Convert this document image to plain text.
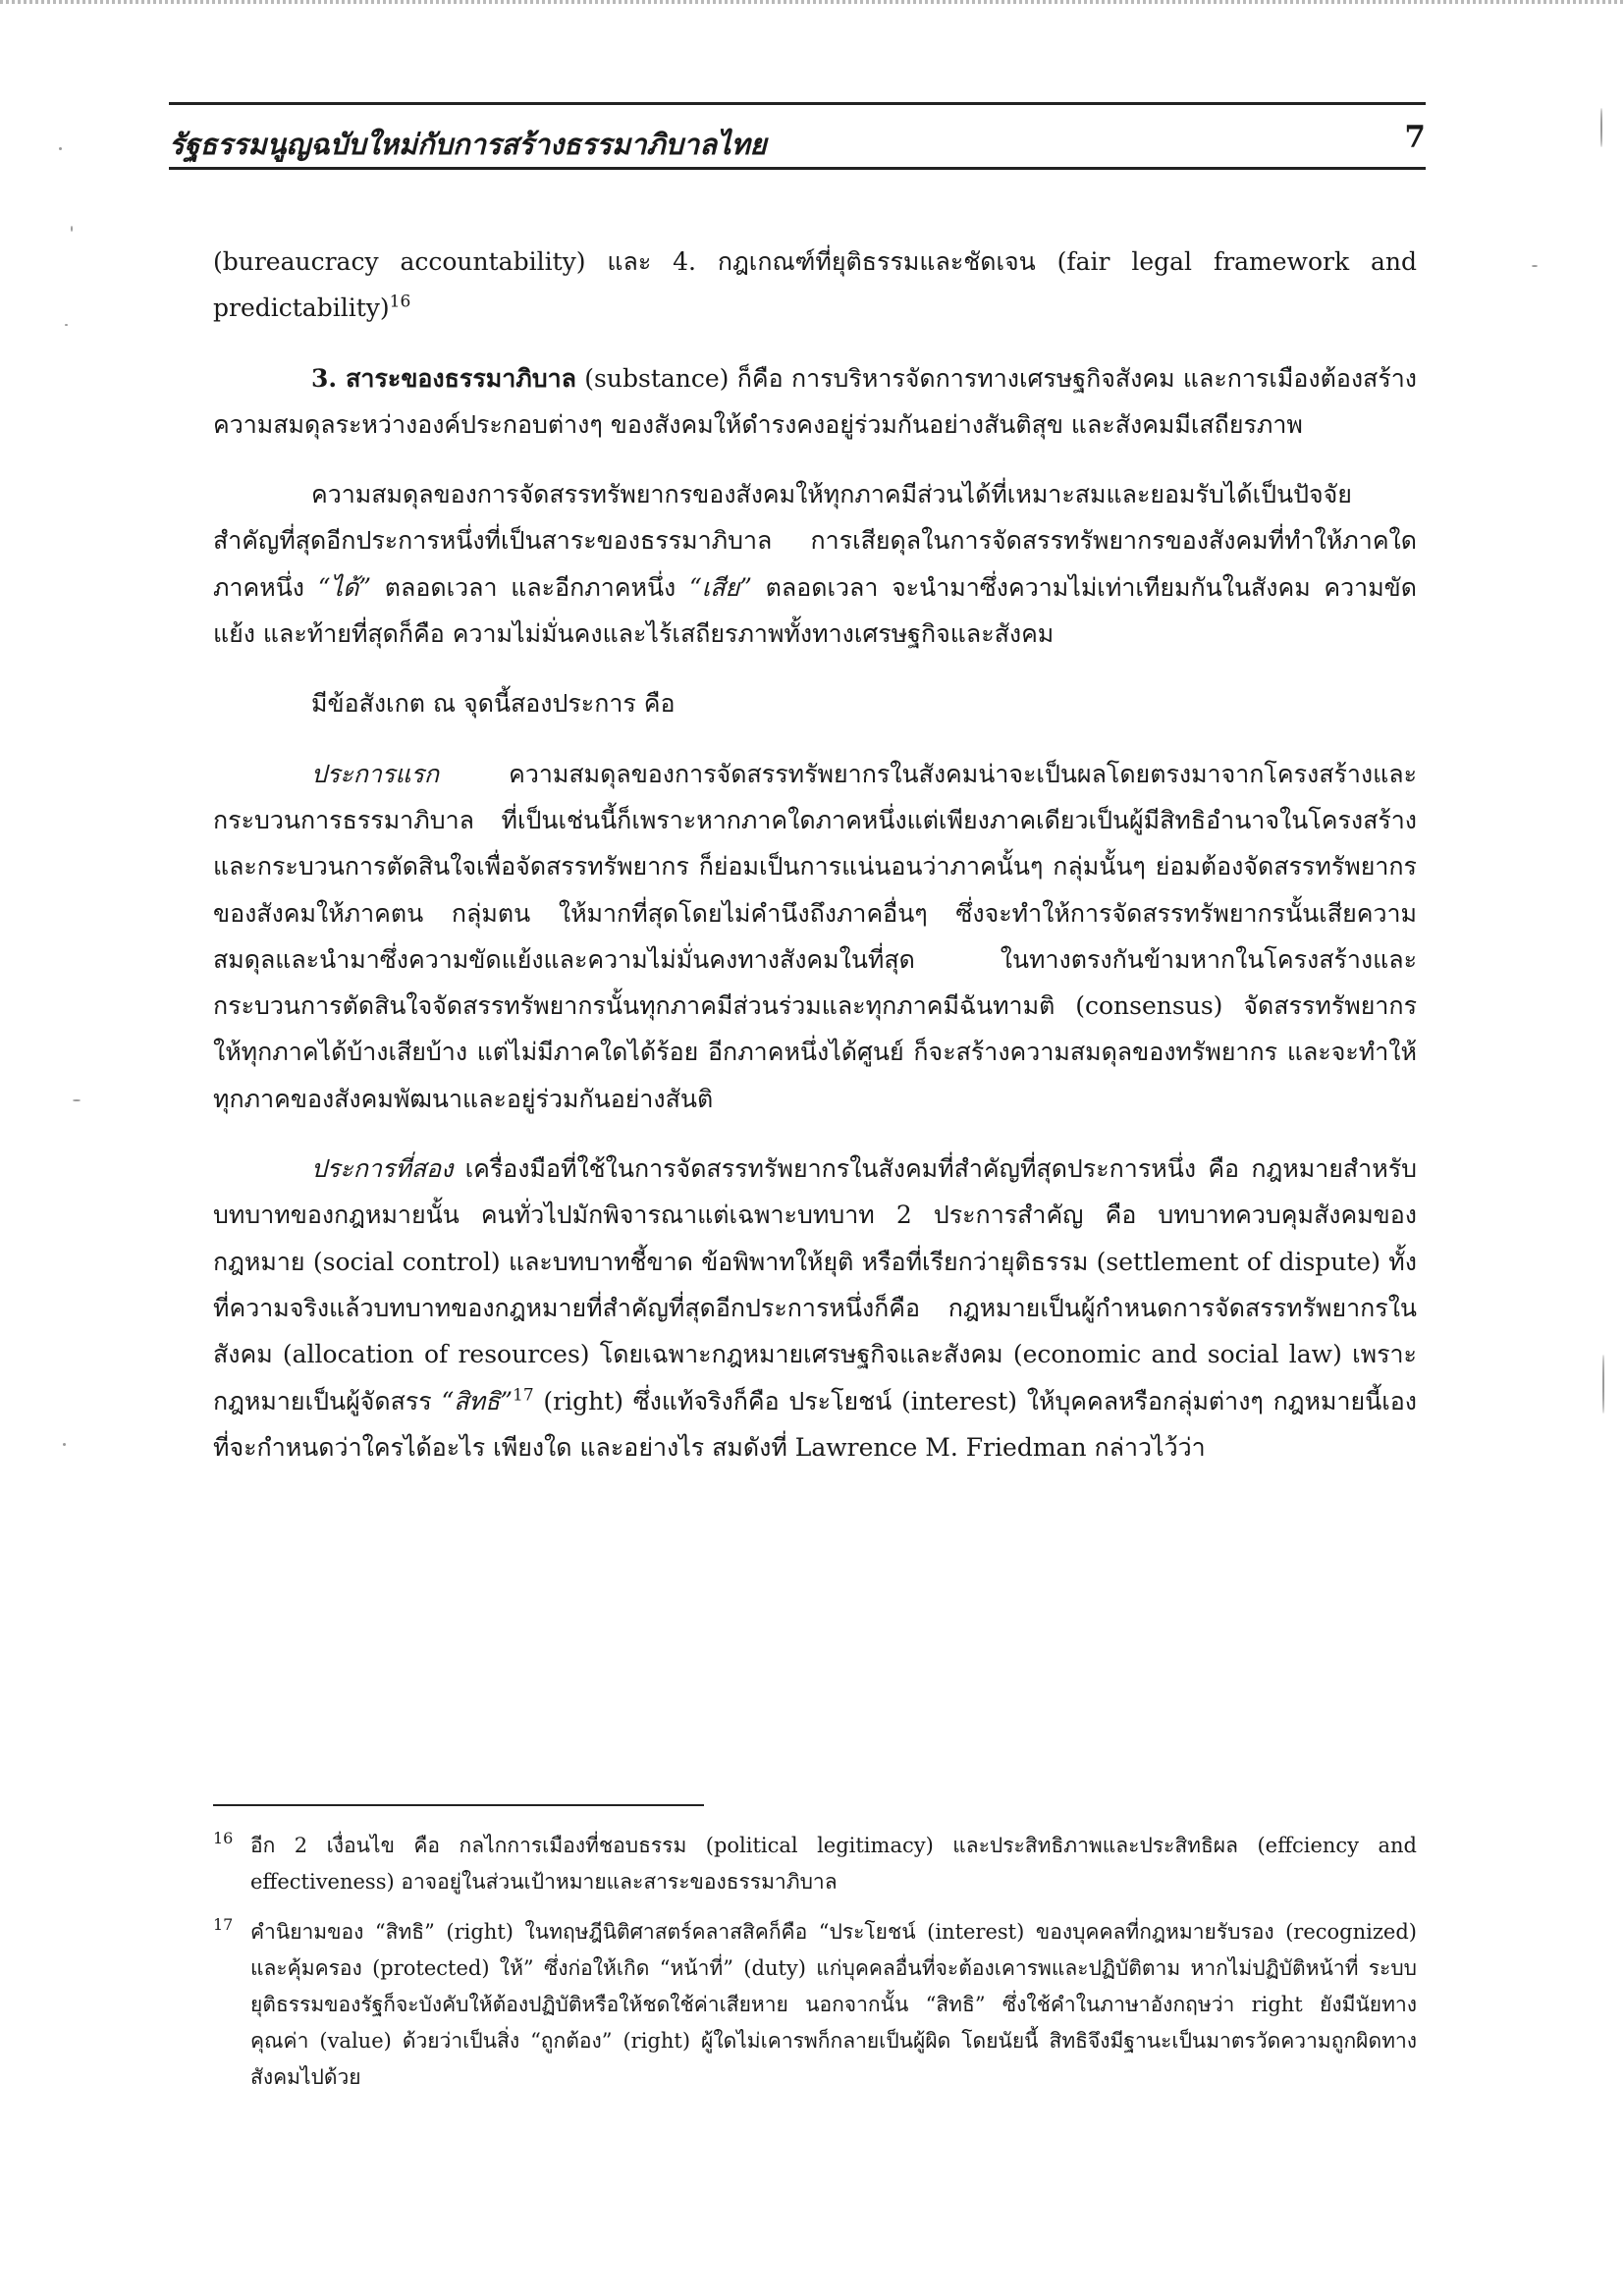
รัฐธรรมนูญฉบับใหม่กับการสร้างธรรมาภิบาลไทย	7

(bureaucracy accountability) และ 4. กฎเกณฑ์ที่ยุติธรรมและชัดเจน (fair legal framework and predictability)$^{16}$

3. สาระของธรรมาภิบาล (substance) ก็คือ การบริหารจัดการทางเศรษฐกิจสังคม และการเมืองต้องสร้างความสมดุลระหว่างองค์ประกอบต่างๆ ของสังคมให้ดำรงคงอยู่ร่วมกันอย่างสันติสุข และสังคมมีเสถียรภาพ

ความสมดุลของการจัดสรรทรัพยากรของสังคมให้ทุกภาคมีส่วนได้ที่เหมาะสมและยอมรับได้เป็นปัจจัยสำคัญที่สุดอีกประการหนึ่งที่เป็นสาระของธรรมาภิบาล การเสียดุลในการจัดสรรทรัพยากรของสังคมที่ทำให้ภาคใดภาคหนึ่ง “ได้” ตลอดเวลา และอีกภาคหนึ่ง “เสีย” ตลอดเวลา จะนำมาซึ่งความไม่เท่าเทียมกันในสังคม ความขัดแย้ง และท้ายที่สุดก็คือ ความไม่มั่นคงและไร้เสถียรภาพทั้งทางเศรษฐกิจและสังคม

มีข้อสังเกต ณ จุดนี้สองประการ คือ

ประการแรก ความสมดุลของการจัดสรรทรัพยากรในสังคมน่าจะเป็นผลโดยตรงมาจากโครงสร้างและกระบวนการธรรมาภิบาล ที่เป็นเช่นนี้ก็เพราะหากภาคใดภาคหนึ่งแต่เพียงภาคเดียวเป็นผู้มีสิทธิอำนาจในโครงสร้างและกระบวนการตัดสินใจเพื่อจัดสรรทรัพยากร ก็ย่อมเป็นการแน่นอนว่าภาคนั้นๆ กลุ่มนั้นๆ ย่อมต้องจัดสรรทรัพยากรของสังคมให้ภาคตน กลุ่มตน ให้มากที่สุดโดยไม่คำนึงถึงภาคอื่นๆ ซึ่งจะทำให้การจัดสรรทรัพยากรนั้นเสียความสมดุลและนำมาซึ่งความขัดแย้งและความไม่มั่นคงทางสังคมในที่สุด ในทางตรงกันข้ามหากในโครงสร้างและกระบวนการตัดสินใจจัดสรรทรัพยากรนั้นทุกภาคมีส่วนร่วมและทุกภาคมีฉันทามติ (consensus) จัดสรรทรัพยากรให้ทุกภาคได้บ้างเสียบ้าง แต่ไม่มีภาคใดได้ร้อย อีกภาคหนึ่งได้ศูนย์ ก็จะสร้างความสมดุลของทรัพยากร และจะทำให้ทุกภาคของสังคมพัฒนาและอยู่ร่วมกันอย่างสันติ

ประการที่สอง เครื่องมือที่ใช้ในการจัดสรรทรัพยากรในสังคมที่สำคัญที่สุดประการหนึ่ง คือ กฎหมายสำหรับบทบาทของกฎหมายนั้น คนทั่วไปมักพิจารณาแต่เฉพาะบทบาท 2 ประการสำคัญ คือ บทบาทควบคุมสังคมของกฎหมาย (social control) และบทบาทชี้ขาด ข้อพิพาทให้ยุติ หรือที่เรียกว่ายุติธรรม (settlement of dispute) ทั้งที่ความจริงแล้วบทบาทของกฎหมายที่สำคัญที่สุดอีกประการหนึ่งก็คือ กฎหมายเป็นผู้กำหนดการจัดสรรทรัพยากรในสังคม (allocation of resources) โดยเฉพาะกฎหมายเศรษฐกิจและสังคม (economic and social law) เพราะกฎหมายเป็นผู้จัดสรร “สิทธิ”$^{17}$ (right) ซึ่งแท้จริงก็คือ ประโยชน์ (interest) ให้บุคคลหรือกลุ่มต่างๆ กฎหมายนี้เองที่จะกำหนดว่าใครได้อะไร เพียงใด และอย่างไร สมดังที่ Lawrence M. Friedman กล่าวไว้ว่า

16 อีก 2 เงื่อนไข คือ กลไกการเมืองที่ชอบธรรม (political legitimacy) และประสิทธิภาพและประสิทธิผล (effciency and effectiveness) อาจอยู่ในส่วนเป้าหมายและสาระของธรรมาภิบาล

17 คำนิยามของ “สิทธิ” (right) ในทฤษฎีนิติศาสตร์คลาสสิคก็คือ “ประโยชน์ (interest) ของบุคคลที่กฎหมายรับรอง (recognized) และคุ้มครอง (protected) ให้” ซึ่งก่อให้เกิด “หน้าที่” (duty) แก่บุคคลอื่นที่จะต้องเคารพและปฏิบัติตาม หากไม่ปฏิบัติหน้าที่ ระบบ ยุติธรรมของรัฐก็จะบังคับให้ต้องปฏิบัติหรือให้ชดใช้ค่าเสียหาย นอกจากนั้น “สิทธิ” ซึ่งใช้คำในภาษาอังกฤษว่า right ยังมีนัยทางคุณค่า (value) ด้วยว่าเป็นสิ่ง “ถูกต้อง” (right) ผู้ใดไม่เคารพก็กลายเป็นผู้ผิด โดยนัยนี้ สิทธิจึงมีฐานะเป็นมาตรวัดความถูกผิดทางสังคมไปด้วย
